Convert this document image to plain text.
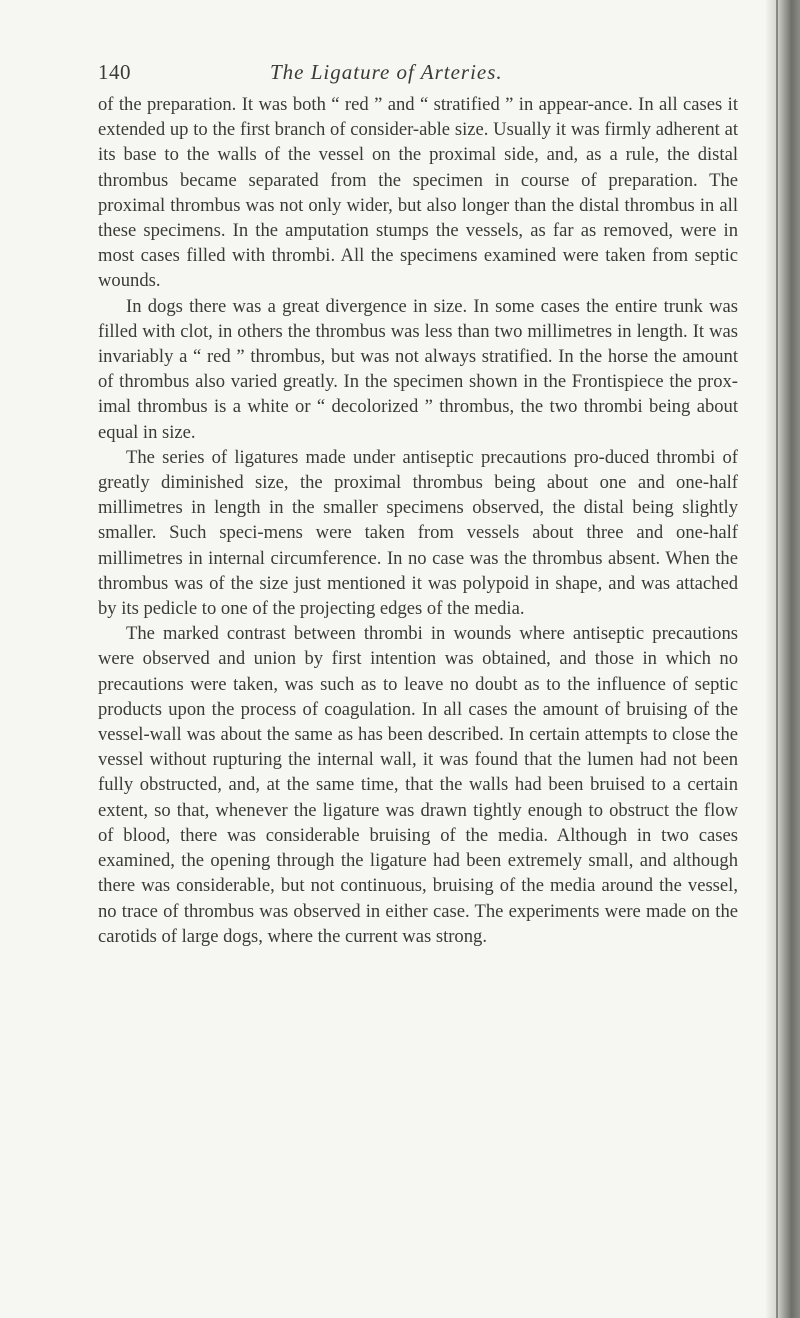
140	The Ligature of Arteries.

of the preparation. It was both “ red ” and “ stratified ” in appear-ance. In all cases it extended up to the first branch of consider-able size. Usually it was firmly adherent at its base to the walls of the vessel on the proximal side, and, as a rule, the distal thrombus became separated from the specimen in course of preparation. The proximal thrombus was not only wider, but also longer than the distal thrombus in all these specimens. In the amputation stumps the vessels, as far as removed, were in most cases filled with thrombi. All the specimens examined were taken from septic wounds.

In dogs there was a great divergence in size. In some cases the entire trunk was filled with clot, in others the thrombus was less than two millimetres in length. It was invariably a “ red ” thrombus, but was not always stratified. In the horse the amount of thrombus also varied greatly. In the specimen shown in the Frontispiece the prox-imal thrombus is a white or “ decolorized ” thrombus, the two thrombi being about equal in size.

The series of ligatures made under antiseptic precautions pro-duced thrombi of greatly diminished size, the proximal thrombus being about one and one-half millimetres in length in the smaller specimens observed, the distal being slightly smaller. Such speci-mens were taken from vessels about three and one-half millimetres in internal circumference. In no case was the thrombus absent. When the thrombus was of the size just mentioned it was polypoid in shape, and was attached by its pedicle to one of the projecting edges of the media.

The marked contrast between thrombi in wounds where antiseptic precautions were observed and union by first intention was obtained, and those in which no precautions were taken, was such as to leave no doubt as to the influence of septic products upon the process of coagulation. In all cases the amount of bruising of the vessel-wall was about the same as has been described. In certain attempts to close the vessel without rupturing the internal wall, it was found that the lumen had not been fully obstructed, and, at the same time, that the walls had been bruised to a certain extent, so that, whenever the ligature was drawn tightly enough to obstruct the flow of blood, there was considerable bruising of the media. Although in two cases examined, the opening through the ligature had been extremely small, and although there was considerable, but not continuous, bruising of the media around the vessel, no trace of thrombus was observed in either case. The experiments were made on the carotids of large dogs, where the current was strong.
